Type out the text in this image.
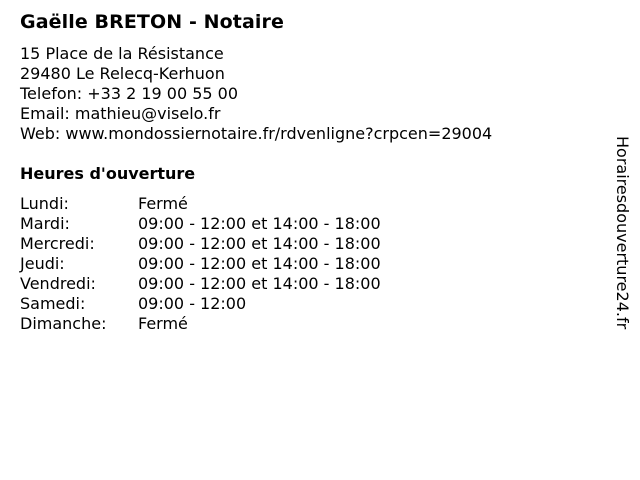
Gaëlle BRETON - Notaire
15 Place de la Résistance
29480 Le Relecq-Kerhuon
Telefon: +33 2 19 00 55 00
Email: mathieu@viselo.fr
Web: www.mondossiernotaire.fr/rdvenligne?crpcen=29004
Heures d'ouverture
Lundi:	Fermé
Mardi:	09:00 - 12:00 et 14:00 - 18:00
Mercredi:	09:00 - 12:00 et 14:00 - 18:00
Jeudi:	09:00 - 12:00 et 14:00 - 18:00
Vendredi:	09:00 - 12:00 et 14:00 - 18:00
Samedi:	09:00 - 12:00
Dimanche:	Fermé	Horairesdouverture24.fr
